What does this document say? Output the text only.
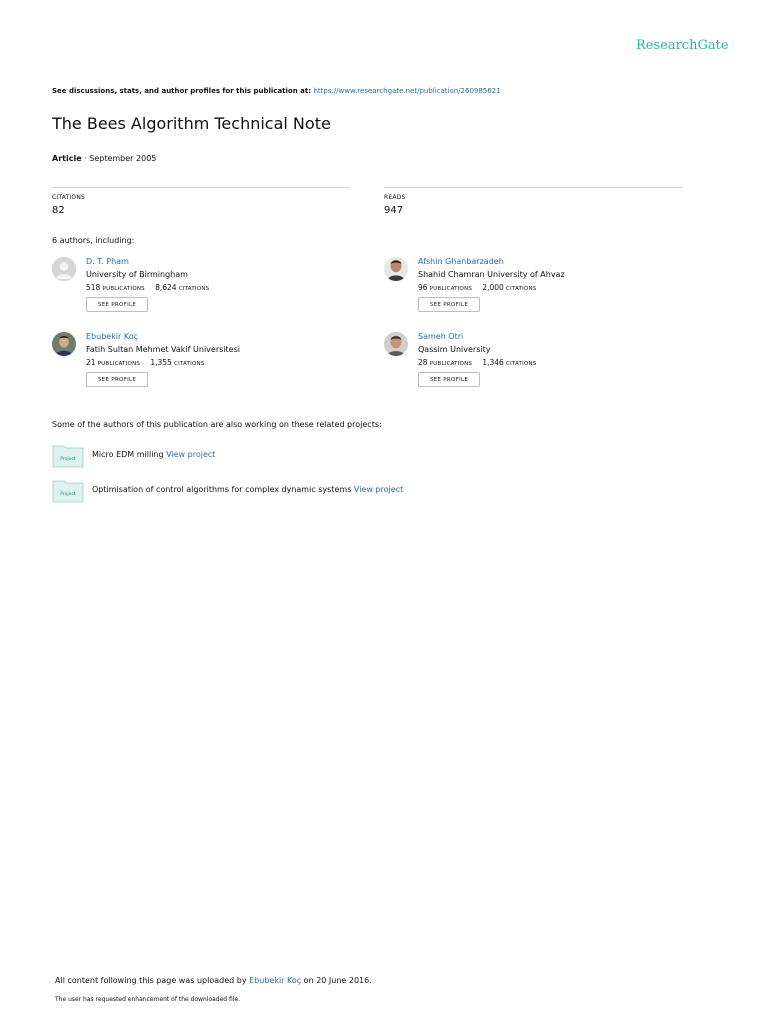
ResearchGate
See discussions, stats, and author profiles for this publication at: https://www.researchgate.net/publication/260985621
The Bees Algorithm Technical Note
Article · September 2005
CITATIONS
82
READS
947
6 authors, including:
D. T. Pham
University of Birmingham
518 PUBLICATIONS 8,624 CITATIONS
SEE PROFILE
Afshin Ghanbarzadeh
Shahid Chamran University of Ahvaz
96 PUBLICATIONS 2,000 CITATIONS
SEE PROFILE
Ebubekir Koç
Fatih Sultan Mehmet Vakif Universitesi
21 PUBLICATIONS 1,355 CITATIONS
SEE PROFILE
Sameh Otri
Qassim University
28 PUBLICATIONS 1,346 CITATIONS
SEE PROFILE
Some of the authors of this publication are also working on these related projects:
Project
Micro EDM milling View project
Project
Optimisation of control algorithms for complex dynamic systems View project
All content following this page was uploaded by Ebubekir Koç on 20 June 2016.
The user has requested enhancement of the downloaded file.
